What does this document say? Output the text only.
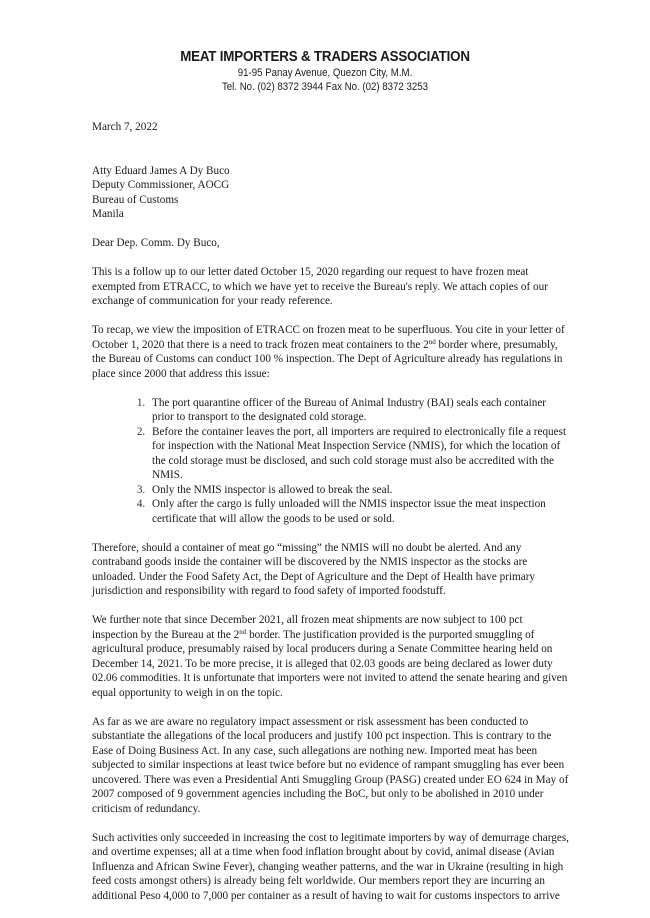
MEAT IMPORTERS & TRADERS ASSOCIATION
91-95 Panay Avenue, Quezon City, M.M.
Tel. No. (02) 8372 3944 Fax No. (02) 8372 3253

March 7, 2022

Atty Eduard James A Dy Buco
Deputy Commissioner, AOCG
Bureau of Customs
Manila

Dear Dep. Comm. Dy Buco,

This is a follow up to our letter dated October 15, 2020 regarding our request to have frozen meat exempted from ETRACC, to which we have yet to receive the Bureau's reply. We attach copies of our exchange of communication for your ready reference.

To recap, we view the imposition of ETRACC on frozen meat to be superfluous. You cite in your letter of October 1, 2020 that there is a need to track frozen meat containers to the 2nd border where, presumably, the Bureau of Customs can conduct 100 % inspection. The Dept of Agriculture already has regulations in place since 2000 that address this issue:

1. The port quarantine officer of the Bureau of Animal Industry (BAI) seals each container prior to transport to the designated cold storage.
2. Before the container leaves the port, all importers are required to electronically file a request for inspection with the National Meat Inspection Service (NMIS), for which the location of the cold storage must be disclosed, and such cold storage must also be accredited with the NMIS.
3. Only the NMIS inspector is allowed to break the seal.
4. Only after the cargo is fully unloaded will the NMIS inspector issue the meat inspection certificate that will allow the goods to be used or sold.

Therefore, should a container of meat go “missing” the NMIS will no doubt be alerted. And any contraband goods inside the container will be discovered by the NMIS inspector as the stocks are unloaded. Under the Food Safety Act, the Dept of Agriculture and the Dept of Health have primary jurisdiction and responsibility with regard to food safety of imported foodstuff.

We further note that since December 2021, all frozen meat shipments are now subject to 100 pct inspection by the Bureau at the 2nd border. The justification provided is the purported smuggling of agricultural produce, presumably raised by local producers during a Senate Committee hearing held on December 14, 2021. To be more precise, it is alleged that 02.03 goods are being declared as lower duty 02.06 commodities. It is unfortunate that importers were not invited to attend the senate hearing and given equal opportunity to weigh in on the topic.

As far as we are aware no regulatory impact assessment or risk assessment has been conducted to substantiate the allegations of the local producers and justify 100 pct inspection. This is contrary to the Ease of Doing Business Act. In any case, such allegations are nothing new. Imported meat has been subjected to similar inspections at least twice before but no evidence of rampant smuggling has ever been uncovered. There was even a Presidential Anti Smuggling Group (PASG) created under EO 624 in May of 2007 composed of 9 government agencies including the BoC, but only to be abolished in 2010 under criticism of redundancy.

Such activities only succeeded in increasing the cost to legitimate importers by way of demurrage charges, and overtime expenses; all at a time when food inflation brought about by covid, animal disease (Avian Influenza and African Swine Fever), changing weather patterns, and the war in Ukraine (resulting in high feed costs amongst others) is already being felt worldwide. Our members report they are incurring an additional Peso 4,000 to 7,000 per container as a result of having to wait for customs inspectors to arrive
